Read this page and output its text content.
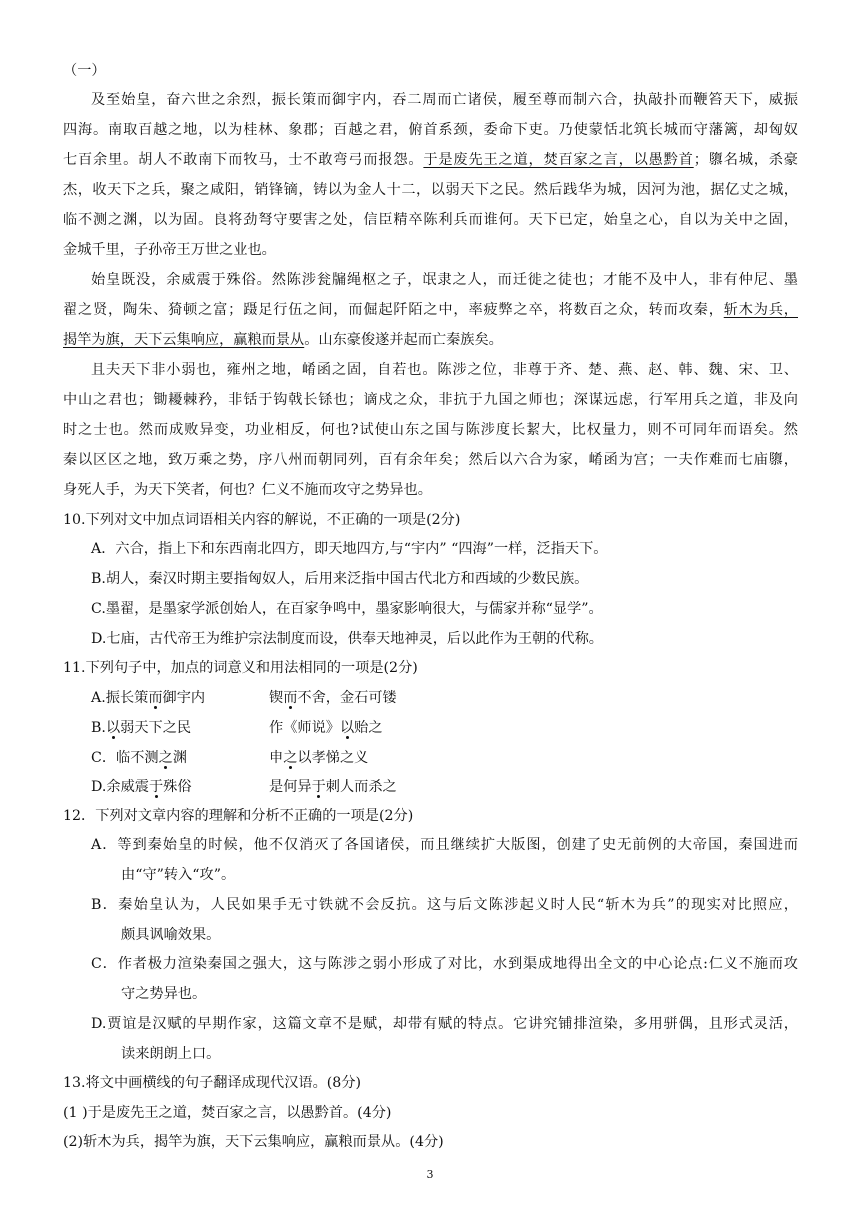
（一）
及至始皇，奋六世之余烈，振长策而御宇内，吞二周而亡诸侯，履至尊而制六合，执敲扑而鞭笞天下，威振
四海。南取百越之地，以为桂林、象郡；百越之君，俯首系颈，委命下吏。乃使蒙恬北筑长城而守藩篱，却匈奴
七百余里。胡人不敢南下而牧马，士不敢弯弓而报怨。于是废先王之道，焚百家之言，以愚黔首；隳名城，杀豪
杰，收天下之兵，聚之咸阳，销锋镝，铸以为金人十二，以弱天下之民。然后践华为城，因河为池，据亿丈之城，
临不测之渊，以为固。良将劲弩守要害之处，信臣精卒陈利兵而谁何。天下已定，始皇之心，自以为关中之固，
金城千里，子孙帝王万世之业也。
始皇既没，余威震于殊俗。然陈涉瓮牖绳枢之子，氓隶之人，而迁徙之徒也；才能不及中人，非有仲尼、墨
翟之贤，陶朱、猗顿之富；蹑足行伍之间，而倔起阡陌之中，率疲弊之卒，将数百之众，转而攻秦，斩木为兵，
揭竿为旗，天下云集响应，赢粮而景从。山东豪俊遂并起而亡秦族矣。
且夫天下非小弱也，雍州之地，崤函之固，自若也。陈涉之位，非尊于齐、楚、燕、赵、韩、魏、宋、卫、
中山之君也；锄耰棘矜，非铦于钩戟长铩也；谪戍之众，非抗于九国之师也；深谋远虑，行军用兵之道，非及向
时之士也。然而成败异变，功业相反，何也?试使山东之国与陈涉度长絜大，比权量力，则不可同年而语矣。然
秦以区区之地，致万乘之势，序八州而朝同列，百有余年矣；然后以六合为家，崤函为宫；一夫作难而七庙隳，
身死人手，为天下笑者，何也？仁义不施而攻守之势异也。
10.下列对文中加点词语相关内容的解说，不正确的一项是(2分)
A．六合，指上下和东西南北四方，即天地四方,与“宇内” “四海”一样，泛指天下。
B.胡人，秦汉时期主要指匈奴人，后用来泛指中国古代北方和西域的少数民族。
C.墨翟，是墨家学派创始人，在百家争鸣中，墨家影响很大，与儒家并称“显学”。
D.七庙，古代帝王为维护宗法制度而设，供奉天地神灵，后以此作为王朝的代称。
11.下列句子中，加点的词意义和用法相同的一项是(2分)
A.振长策而御宇内	锲而不舍，金石可镂
B.以弱天下之民	作《师说》以贻之
C．临不测之渊	申之以孝悌之义
D.余威震于殊俗	是何异于刺人而杀之
12．下列对文章内容的理解和分析不正确的一项是(2分)
A．等到秦始皇的时候，他不仅消灭了各国诸侯，而且继续扩大版图，创建了史无前例的大帝国，秦国进而
由“守”转入“攻”。
B．秦始皇认为，人民如果手无寸铁就不会反抗。这与后文陈涉起义时人民“斩木为兵”的现实对比照应，
颇具讽喻效果。
C．作者极力渲染秦国之强大，这与陈涉之弱小形成了对比，水到渠成地得出全文的中心论点:仁义不施而攻
守之势异也。
D.贾谊是汉赋的早期作家，这篇文章不是赋，却带有赋的特点。它讲究铺排渲染，多用骈偶，且形式灵活，
读来朗朗上口。
13.将文中画横线的句子翻译成现代汉语。(8分)
(1 )于是废先王之道，焚百家之言，以愚黔首。(4分)
(2)斩木为兵，揭竿为旗，天下云集响应，赢粮而景从。(4分)
3
